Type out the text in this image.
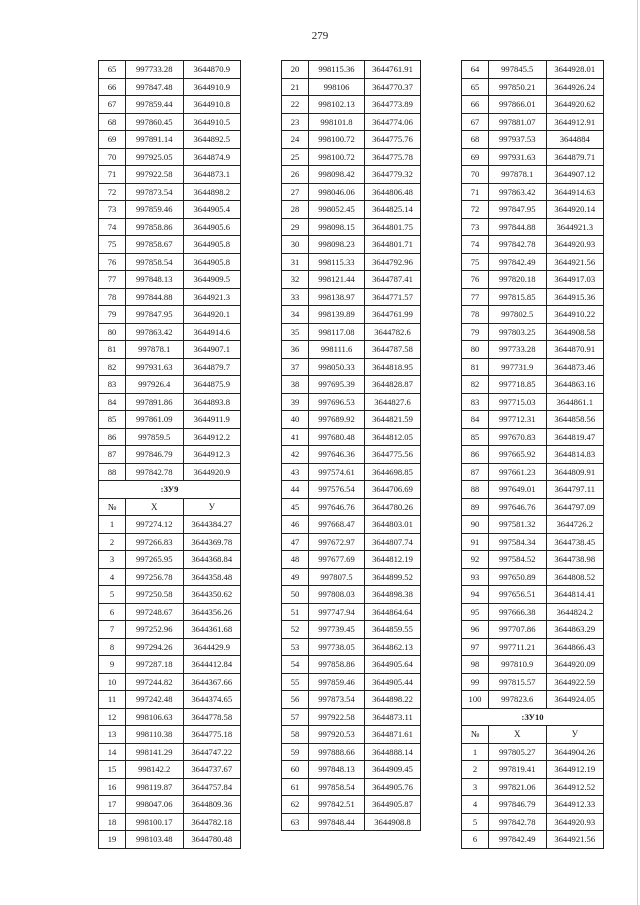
279
65	997733.28	3644870.9
66	997847.48	3644910.9
67	997859.44	3644910.8
68	997860.45	3644910.5
69	997891.14	3644892.5
70	997925.05	3644874.9
71	997922.58	3644873.1
72	997873.54	3644898.2
73	997859.46	3644905.4
74	997858.86	3644905.6
75	997858.67	3644905.8
76	997858.54	3644905.8
77	997848.13	3644909.5
78	997844.88	3644921.3
79	997847.95	3644920.1
80	997863.42	3644914.6
81	997878.1	3644907.1
82	997931.63	3644879.7
83	997926.4	3644875.9
84	997891.86	3644893.8
85	997861.09	3644911.9
86	997859.5	3644912.2
87	997846.79	3644912.3
88	997842.78	3644920.9
:ЗУ9		
№	X	У
1	997274.12	3644384.27
2	997266.83	3644369.78
3	997265.95	3644368.84
4	997256.78	3644358.48
5	997250.58	3644350.62
6	997248.67	3644356.26
7	997252.96	3644361.68
8	997294.26	3644429.9
9	997287.18	3644412.84
10	997244.82	3644367.66
11	997242.48	3644374.65
12	998106.63	3644778.58
13	998110.38	3644775.18
14	998141.29	3644747.22
15	998142.2	3644737.67
16	998119.87	3644757.84
17	998047.06	3644809.36
18	998100.17	3644782.18
19	998103.48	3644780.48
20	998115.36	3644761.91
21	998106	3644770.37
22	998102.13	3644773.89
23	998101.8	3644774.06
24	998100.72	3644775.76
25	998100.72	3644775.78
26	998098.42	3644779.32
27	998046.06	3644806.48
28	998052.45	3644825.14
29	998098.15	3644801.75
30	998098.23	3644801.71
31	998115.33	3644792.96
32	998121.44	3644787.41
33	998138.97	3644771.57
34	998139.89	3644761.99
35	998117.08	3644782.6
36	998111.6	3644787.58
37	998050.33	3644818.95
38	997695.39	3644828.87
39	997696.53	3644827.6
40	997689.92	3644821.59
41	997680.48	3644812.05
42	997646.36	3644775.56
43	997574.61	3644698.85
44	997576.54	3644706.69
45	997646.76	3644780.26
46	997668.47	3644803.01
47	997672.97	3644807.74
48	997677.69	3644812.19
49	997807.5	3644899.52
50	997808.03	3644898.38
51	997747.94	3644864.64
52	997739.45	3644859.55
53	997738.05	3644862.13
54	997858.86	3644905.64
55	997859.46	3644905.44
56	997873.54	3644898.22
57	997922.58	3644873.11
58	997920.53	3644871.61
59	997888.66	3644888.14
60	997848.13	3644909.45
61	997858.54	3644905.76
62	997842.51	3644905.87
63	997848.44	3644908.8
64	997845.5	3644928.01
65	997850.21	3644926.24
66	997866.01	3644920.62
67	997881.07	3644912.91
68	997937.53	3644884
69	997931.63	3644879.71
70	997878.1	3644907.12
71	997863.42	3644914.63
72	997847.95	3644920.14
73	997844.88	3644921.3
74	997842.78	3644920.93
75	997842.49	3644921.56
76	997820.18	3644917.03
77	997815.85	3644915.36
78	997802.5	3644910.22
79	997803.25	3644908.58
80	997733.28	3644870.91
81	997731.9	3644873.46
82	997718.85	3644863.16
83	997715.03	3644861.1
84	997712.31	3644858.56
85	997670.83	3644819.47
86	997665.92	3644814.83
87	997661.23	3644809.91
88	997649.01	3644797.11
89	997646.76	3644797.09
90	997581.32	3644726.2
91	997584.34	3644738.45
92	997584.52	3644738.98
93	997650.89	3644808.52
94	997656.51	3644814.41
95	997666.38	3644824.2
96	997707.86	3644863.29
97	997711.21	3644866.43
98	997810.9	3644920.09
99	997815.57	3644922.59
100	997823.6	3644924.05
:ЗУ10		
№	X	У
1	997805.27	3644904.26
2	997819.41	3644912.19
3	997821.06	3644912.52
4	997846.79	3644912.33
5	997842.78	3644920.93
6	997842.49	3644921.56
